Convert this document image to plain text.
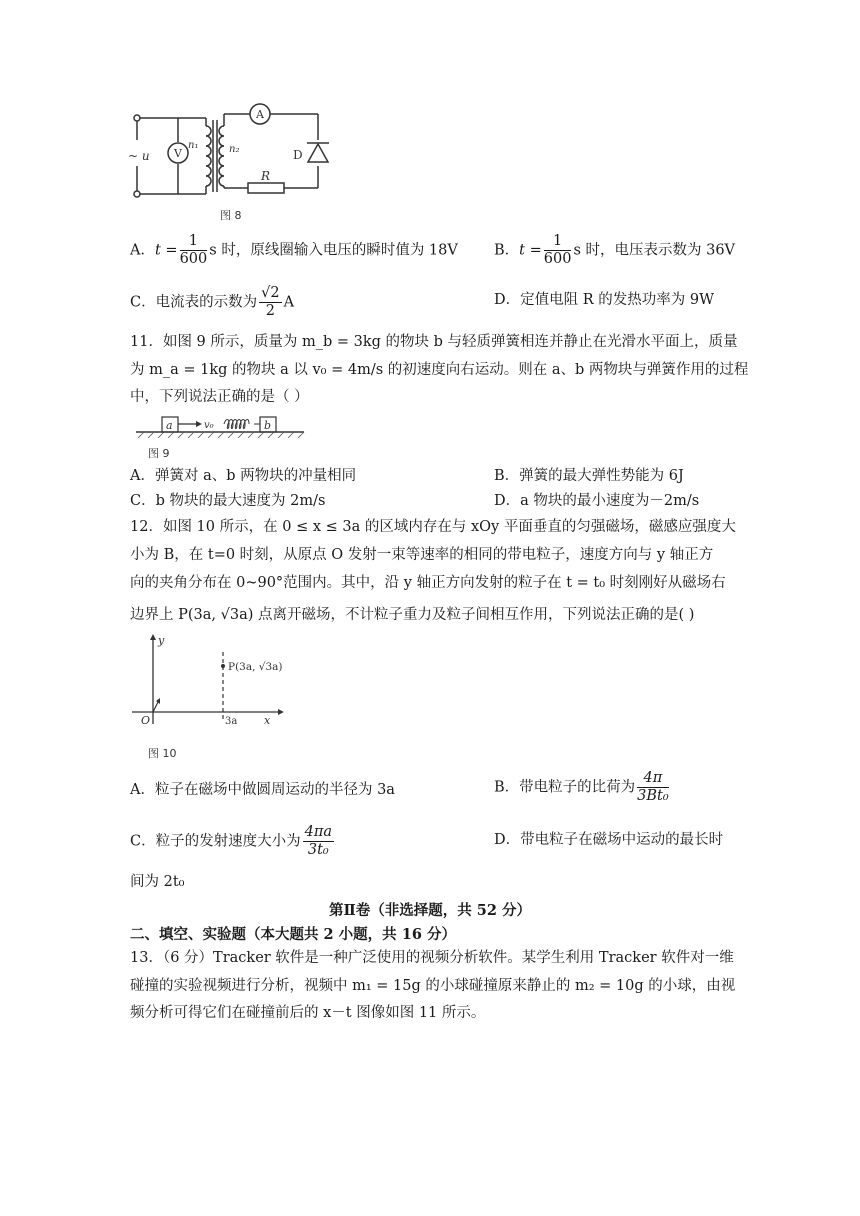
~ u V
n₁	n₂
A
D
R
图 8
A．$t = \frac{1}{600}$ s 时，原线圈输入电压的瞬时值为 18V B．$t = \frac{1}{600}$ s 时，电压表示数为 36V
C．电流表的示数为 $\frac{√2}{2}$ A	D．定值电阻 R 的发热功率为 9W
11．如图 9 所示，质量为 m_b = 3kg 的物块 b 与轻质弹簧相连并静止在光滑水平面上，质量
为 m_a = 1kg 的物块 a 以 v₀ = 4m/s 的初速度向右运动。则在 a、b 两物块与弹簧作用的过程
中，下列说法正确的是（ ）
a	v₀	b
图 9
A．弹簧对 a、b 两物块的冲量相同	B．弹簧的最大弹性势能为 6J
C．b 物块的最大速度为 2m/s	D．a 物块的最小速度为－2m/s
12．如图 10 所示，在 0 ≤ x ≤ 3a 的区域内存在与 xOy 平面垂直的匀强磁场，磁感应强度大
小为 B，在 t=0 时刻，从原点 O 发射一束等速率的相同的带电粒子，速度方向与 y 轴正方
向的夹角分布在 0~90°范围内。其中，沿 y 轴正方向发射的粒子在 t = t₀ 时刻刚好从磁场右
边界上 P(3a, √3a) 点离开磁场，不计粒子重力及粒子间相互作用，下列说法正确的是( )
y
x
O	3a
P(3a, √3a)
图 10
A．粒子在磁场中做圆周运动的半径为 3a	B．带电粒子的比荷为 $\frac{4\pi}{\text{3Bt₀}}$
C．粒子的发射速度大小为 $\frac{4\pi a}{\text{3t₀}}$	D．带电粒子在磁场中运动的最长时
间为 2t₀
第Ⅱ卷（非选择题，共 52 分）
二、填空、实验题（本大题共 2 小题，共 16 分）
13．（6 分）Tracker 软件是一种广泛使用的视频分析软件。某学生利用 Tracker 软件对一维
碰撞的实验视频进行分析，视频中 m₁ = 15g 的小球碰撞原来静止的 m₂ = 10g 的小球，由视
频分析可得它们在碰撞前后的 x－t 图像如图 11 所示。
